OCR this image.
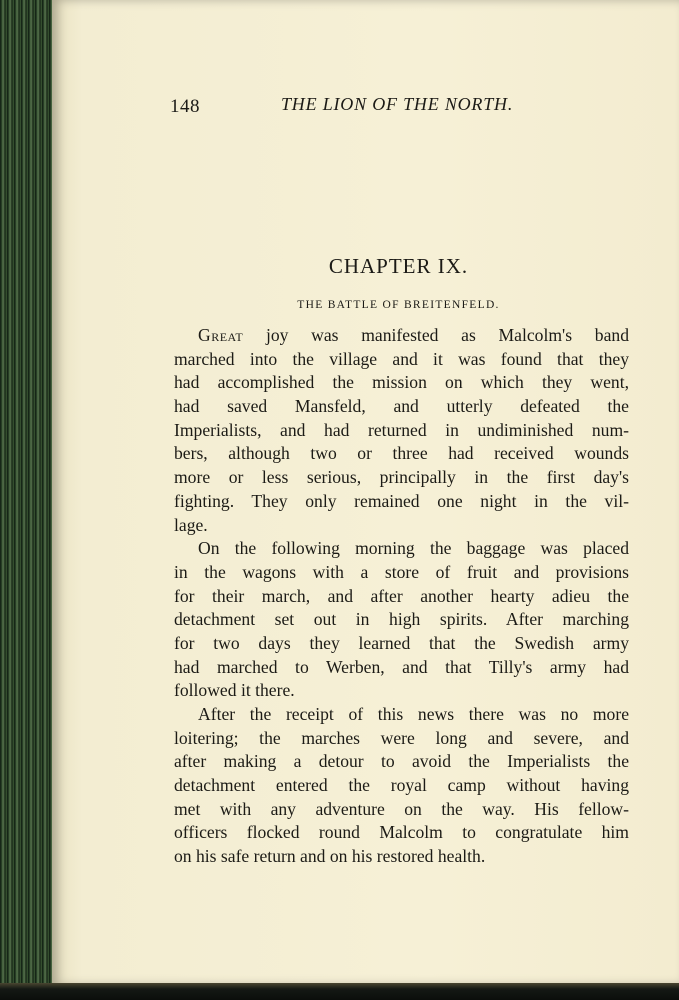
148	THE LION OF THE NORTH.
CHAPTER IX.
THE BATTLE OF BREITENFELD.
Great joy was manifested as Malcolm's band
marched into the village and it was found that they
had accomplished the mission on which they went,
had saved Mansfeld, and utterly defeated the
Imperialists, and had returned in undiminished num-
bers, although two or three had received wounds
more or less serious, principally in the first day's
fighting. They only remained one night in the vil-
lage.
On the following morning the baggage was placed
in the wagons with a store of fruit and provisions
for their march, and after another hearty adieu the
detachment set out in high spirits. After marching
for two days they learned that the Swedish army
had marched to Werben, and that Tilly's army had
followed it there.
After the receipt of this news there was no more
loitering; the marches were long and severe, and
after making a detour to avoid the Imperialists the
detachment entered the royal camp without having
met with any adventure on the way. His fellow-
officers flocked round Malcolm to congratulate him
on his safe return and on his restored health.
